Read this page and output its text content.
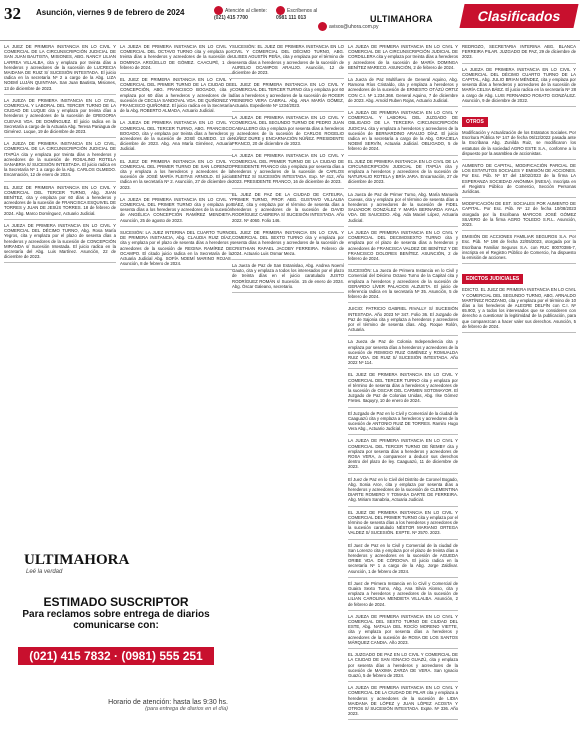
32 Asunción, viernes 9 de febrero de 2024	Atención al cliente:
(021) 415 7700
Escríbenos al
0981 111 013
avisos@uhora.com.py
ULTIMAHORA	Clasificados
LA JUEZ DE PRIMERA INSTANCIA EN LO CIVIL Y COMERCIAL DE LA CIRCUNSCRIPCIÓN JUDICIAL DE SAN JUAN BAUTISTA, MISIONES, ABG. NANCY LILIAN LARREA VILLALBA, cita y emplaza por treinta días a herederos y acreedores de la sucesión de LUCRECIA MAIDANA DE RUIZ S/ SUCESIÓN INTESTADA. El juicio radica en la secretaría Nº 2 a cargo de la Abg. LIZA NOEMÍ LUJÁN QUINTANA. San Juan Bautista, Misiones, 13 de diciembre de 2023.
LA JUEZA DE PRIMERA INSTANCIA EN LO CIVIL, COMERCIAL Y LABORAL DEL TERCER TURNO DE LA CIUDAD DE LUQUE cita y emplaza por treinta días a herederos y acreedores de la sucesión de GREGORIA CUEVAS VDA. DE DOMÍNGUEZ. El juicio radica en la Secretaría a cargo de la Actuaria Abg. Teresa Paniagua de Giménez. Luque, 19 de diciembre de 2023.
LA JUEZA DE PRIMERA INSTANCIA EN LO CIVIL, COMERCIAL DE LA CIRCUNSCRIPCIÓN JUDICIAL DE ITAPÚA cita y emplaza por treinta días a herederos y acreedores de la sucesión de ROSALINO ROTELA SANABRIA S/ SUCESIÓN INTESTADA. El juicio radica en la Secretaría Nº 1 a cargo de la Abg. CARLOS OLMEDO. Encarnación, 12 de enero de 2024.
EL JUEZ DE PRIMERA INSTANCIA EN LO CIVIL Y COMERCIAL DEL TERCER TURNO, Abg. JUAN BENÍTEZ, cita y emplaza por 60 días a herederos y acreedores de la sucesión de FRANCISCA ESQUIVEL DE TORRES y JUAN DE JESÚS TORRES. 18 de febrero de 2024. Abg. Marco Domínguez, Actuario Judicial.
LA JUEZA DE PRIMERA INSTANCIA EN LO CIVIL Y COMERCIAL DEL DÉCIMO TURNO, Abg. Rosa María Yegros, cita y emplaza por el plazo de sesenta días a herederos y acreedores de la sucesión de CONCEPCIÓN MIRANDA s/ Sucesión Intestada. El juicio radica en la secretaría del Abg. Luis Martínez. Asunción, 22 de diciembre de 2023.
LA JUEZA DE PRIMERA INSTANCIA EN LO CIVIL Y COMERCIAL DEL OCTAVO TURNO cita y emplaza por treinta días a herederos y acreedores de la sucesión de DOMINGA ARGÜELLO DE GÓMEZ. CAACUPÉ, 1 de febrero de 2024.
EL JUEZ DE PRIMERA INSTANCIA EN LO CIVIL Y COMERCIAL DEL PRIMER TURNO DE LA CIUDAD DE CONCEPCIÓN, ABG. FRANCISCO BOGADO, cita y emplaza por 60 días a herederos y acreedores de la sucesión de CECILIA SANDOVAL VDA. DE QUIÑONEZ Y FRANCISCO QUIÑONEZ. El juicio radica en la Secretaría de la Abg. ROBERTO ALMADA, Actuario Judicial.
LA JUEZA DE PRIMERA INSTANCIA EN LO CIVIL Y COMERCIAL DEL TERCER TURNO, ABG. FRANCISCO BOGADO, cita y emplaza por treinta días a herederos y acreedores de la sucesión de JOSÉ OLMEDO. 13 de diciembre de 2023. Abg. Ana María Giménez, Actuaria Judicial.
EL JUEZ DE PRIMERA INSTANCIA EN LO CIVIL Y COMERCIAL DEL PRIMER TURNO DE SAN LORENZO cita y emplaza a los herederos y acreedores de la sucesión de JOSÉ MARÍA FLEITAS ARNOLD. El juicio radica en la secretaría Nº 2. Asunción, 27 de diciembre de 2023.
LA JUEZA DE PRIMERA INSTANCIA EN LO CIVIL Y COMERCIAL DEL PRIMER TURNO cita y emplaza por sesenta días a los herederos y acreedores de la sucesión de ANGÉLICA CONCEPCIÓN RAMÍREZ MENDIETA. Asunción, 25 de agosto de 2023.
SUCESIÓN: LA JUEZ INTERINA DEL CUARTO TURNO DE PRIMERA INSTANCIA, Abg. CLAUDIA RUIZ DÍAZ, cita y emplaza por el plazo de sesenta días a herederos y acreedores de la sucesión de REGINA RAMÍREZ DE OCAMPO. El citado juicio radica en la Secretaría de la Actuaria Judicial Abg. SOFÍA NOEMÍ MARINO ROJAS. Asunción, 8 de febrero de 2024.
SUCESIÓN: EL JUEZ DE PRIMERA INSTANCIA EN LO CIVIL Y COMERCIAL DEL DÉCIMO TURNO, ABG. ULISES AGUSTÍN PEÑA, cita y emplaza por el término de sesenta días a herederos y acreedores de la sucesión de AURELIO OCAMPOS ARAUJO. Asunción, 12 de diciembre de 2023.
EL JUEZ DE PRIMERA INSTANCIA EN LO CIVIL Y COMERCIAL DEL TERCER TURNO cita y emplaza por 60 días a herederos y acreedores de la sucesión de ROGER REINERIO VERA CABRAL. Abg. ANA MARÍA GÓMEZ, Actuaria. Expediente Nº 1234/2023.
LA JUEZA DE PRIMERA INSTANCIA EN LO CIVIL Y COMERCIAL DEL SEGUNDO TURNO DE PEDRO JUAN CABALLERO cita y emplaza por sesenta días a herederos y acreedores de la sucesión de CARLOS ROGELIO NÚÑEZ DURE y ENCARNACIÓN NÚÑEZ. PRESIDENTE FRANCO, 20 de diciembre de 2023.
LA JUEZA DE PRIMERA INSTANCIA EN LO CIVIL Y COMERCIAL DEL PRIMER TURNO DE LA CIUDAD DE PRESIDENTE FRANCO cita y emplaza por sesenta días a herederos y acreedores de la sucesión de CARLOS BENÍTEZ S/ SUCESIÓN INTESTADA. Exp. Nº 412, Año 2023. PRESIDENTE FRANCO, 16 de diciembre de 2023.
EL JUEZ DE PAZ DE LA CIUDAD DE CATEURA, PRIMER TURNO, PROF. ABG. GUSTAVO VILLALBA BÁEZ, cita y emplaza por el término de sesenta días a herederos y acreedores de la sucesión de DAVID RODRÍGUEZ CABRERA S/ SUCESIÓN INTESTADA. Año 2022. Nº 4060. Folio 146.
EL JUEZ DE PRIMERA INSTANCIA EN LO CIVIL Y COMERCIAL DEL SEXTO TURNO cita y emplaza por sesenta días a herederos y acreedores de la sucesión de CRISTHIAN RAFAEL JACOBY FERREIRA. Febrero de 2024. Actuario Luis Osmar Meza.
La Jueza de Paz de San Estanislao, Abg. Andrea Noemí Gauto, cita y emplaza a todos los interesados por el plazo de treinta días en el juicio caratulado JUSTO RODRÍGUEZ ROMÁN s/ Sucesión. 15 de enero de 2024. Abg. Óscar Galeano, secretario.
LA JUEZA DE PRIMERA INSTANCIA EN LO CIVIL Y COMERCIAL DE LA CIRCUNSCRIPCIÓN JUDICIAL DE CORDILLERA cita y emplaza por treinta días a herederos y acreedores de la sucesión de MARÍA DOMINGA BENÍTEZ MARECO. ASUNCIÓN, 2 de febrero de 2024.
La Jueza de Paz Multifuero de General Aquino, Abg. Ramona Ríos Cristaldo, cita y emplaza a herederos y acreedores de la sucesión de ERNESTO OTÁZÚ ORTIZ CON C.I. Nº 1.234.368. General Aquino, 7 de diciembre de 2023. Abg. Arnold Ruben Rojas, Actuario Judicial.
LA JUEZA DE PRIMERA INSTANCIA EN LO CIVIL Y COMERCIAL Y LABORAL DEL JUZGADO DE OBLIGADO DE LA TERCERA CIRCUNSCRIPCIÓN JUDICIAL cita y emplaza a herederos y acreedores de la sucesión de BERNARDINO ARAUJO DÍAZ. El juicio radica en la secretaría a cargo de la Abg. GRACIELA NOEMÍ SERVÍN, Actuaria Judicial. OBLIGADO, 5 de febrero de 2024.
EL JUEZ DE PRIMERA INSTANCIA EN LO CIVIL DE LA CIRCUNSCRIPCIÓN JUDICIAL DE ITAPÚA cita y emplaza a herederos y acreedores de la sucesión de NATURALIO ROTELA y BRÍA JARA. Encarnación, 27 de diciembre de 2023.
La Jueza de Paz de Primer Turno, Abg. María Manuela Cuevas, cita y emplaza por el término de sesenta días a herederos y acreedores de la sucesión de FIDEL SALVADOR GONZÁLEZ Y MARÍA BERNARDA AYALA VDA. DE SAUCEDO. Abg. Ada Maciel López, Actuaria Judicial.
LA JUEZA DE PRIMERA INSTANCIA EN LO CIVIL Y COMERCIAL DEL DECIMOSEXTO TURNO cita y emplaza por el plazo de sesenta días a herederos y acreedores de FRANCISCA VALDEZ DE BENÍTEZ Y DE FRANCISCO DOLORES BENÍTEZ. ASUNCIÓN, 2 de febrero de 2024.
SUCESIÓN: La Jueza de Primera Instancia en lo Civil y Comercial del Décimo Octavo Turno de la Capital cita y emplaza a herederos y acreedores de la sucesión de GERARDO LÍVER PALACIOS ALZUETA. El juicio de referencia radica en la secretaría Nº 35. Asunción, 5 de febrero de 2024.
JUICIO: PATRICIO GABRIEL RIVALLY S/ SUCESIÓN INTESTADA. Año 2023 Nº 347. Folio 36. El Juzgado de Paz de Sajonia cita y emplaza a herederos y acreedores por el término de sesenta días. Abg. Roque Rolón, Actuaria.
La Jueza de Paz de Colonia Independencia cita y emplaza por sesenta días a herederos y acreedores de la sucesión de REMIGIO RUIZ GIMÉNEZ y ROMUALDA RUIZ VDA. DE RUIZ S/ SUCESIÓN INTESTADA. Año 2022 Nº 114.
EL JUEZ DE PRIMERA INSTANCIA EN LO CIVIL Y COMERCIAL DEL TERCER TURNO cita y emplaza por el término de sesenta días a herederos y acreedores de la sucesión de OSCAR DEL CARMEN SOTOMAYOR. El Juzgado de Paz de Colonias Unidas, Abg. Ilse Gómez Fretes. Itaquyry, 10 de enero de 2024.
El Juzgado de Paz en lo Civil y Comercial de la ciudad de Caaguazú cita y emplaza a herederos y acreedores de la sucesión de ANTONIO RUIZ DE TORRES. Ramiro Hugo Vera Abg., Actuario Judicial.
LA JUEZA DE PRIMERA INSTANCIA EN LO CIVIL Y COMERCIAL DEL TERCER TURNO DE ÑEMBY cita y emplaza por sesenta días a herederos y acreedores de ROSA VERA, a comparecer a deducir sus derechos dentro del plazo de ley. Caaguazú, 11 de diciembre de 2023.
El Juez de Paz en lo Civil del Distrito de Coronel Bogado, Abg. Sonia Arce, cita y emplaza por sesenta días a herederos y acreedores de la sucesión de CLEMENTINA DIARTE ROMERO Y TOMASA DARTE DE FERREIRA. Abg. Miriam Sanabria, Actuaria Judicial.
EL JUEZ DE PRIMERA INSTANCIA EN LO CIVIL Y COMERCIAL DEL PRIMER TURNO cita y emplaza por el término de sesenta días a los herederos y acreedores de la sucesión caratulado NÉSTOR MARIANO ORTEGA VALDEZ S/ SUCESIÓN. EXPTE. Nº 2570. 2023.
El Juez de Paz en lo Civil y Comercial de la ciudad de San Lorenzo cita y emplaza por el plazo de treinta días a herederos y acreedores en la sucesión de AGUEDA ORIBE VDA. DE CÓRDOVA. El juicio radica en la secretaría Nº 1 a cargo de la Abg. Jorge Zaldívar. Asunción, 1 de febrero de 2024.
El Juez de Primera Instancia en lo Civil y Comercial de Guaira Sexto Turno, Abg. Ana Silvia Alonso, cita y emplaza a herederos y acreedores de la sucesión de LILIAN CAROLINA MENDIETA VILLALBA. Asunción, 2 de febrero de 2024.
LA JUEZA DE PRIMERA INSTANCIA EN LO CIVIL Y COMERCIAL DEL SEXTO TURNO DE CIUDAD DEL ESTE, Abg. NATALIA DEL ROCÍO MORENO VIETTE, cita y emplaza por sesenta días a herederos y acreedores de la sucesión de ROSA DE LOS SANTOS MÁRQUEZ CANDIA. Año 2023.
EL JUZGADO DE PAZ EN LO CIVIL Y COMERCIAL DE LA CIUDAD DE SAN IGNACIO GUAZÚ, cita y emplaza por sesenta días a herederos y acreedores de la sucesión de MAXIMA ZARZA DE VERA. San Ignacio Guazú, 5 de febrero de 2024.
LA JUEZA DE PRIMERA INSTANCIA EN LO CIVIL Y COMERCIAL DE LA CIUDAD DE PILAR cita y emplaza a herederos y acreedores de la sucesión de LIDIA MAIDANA DE LÓPEZ y JUAN LÓPEZ ACOSTA Y OTROS S/ SUCESIÓN INTESTADA. Expte. Nº 336. Año 2023.
REDROZO, SECRETARIA INTERINA ABG. BLANCA FERREIRA PILAR. JUZGADO DE PAZ, 29 de diciembre de 2023.
LA JUEZA DE PRIMERA INSTANCIA EN LO CIVIL Y COMERCIAL DEL DÉCIMO CUARTO TURNO DE LA CAPITAL, Abg. JULIO BRIAN MÉNDEZ, cita y emplaza por sesenta días a herederos y acreedores de la sucesión de MARÍA CELSA BÁEZ. El juicio radica en la secretaría Nº 28 a cargo de Abg. LUIS FERNANDO ROSATO GONZÁLEZ. Asunción, 9 de diciembre de 2022.
OTROS
Modificación y Actualización de los Estatutos Sociales. Por Escritura Pública Nº 147 de fecha 06/12/2022 pasada ante la Escribana Abg. Zunilda Ruiz, se modificaron los estatutos de la sociedad AGRO ESTE S.A., conforme a lo dispuesto por la asamblea de accionistas.
AUMENTO DE CAPITAL, MODIFICACIÓN PARCIAL DE LOS ESTATUTOS SOCIALES Y EMISIÓN DE ACCIONES. Por Esc. Púb. Nº 57 del 15/02/2023 de la firma LA ESPERANZA SOCIEDAD ANÓNIMA (INESA). Inscripta en el Registro Público de Comercio, Sección Personas Jurídicas.
MODIFICACIÓN DE EST. SOCIALES POR AUMENTO DE CAPITAL. Por Esc. Púb. Nº 12 de fecha 10/08/2023 otorgada por la Escribana MARCOS JOSÉ GÓMEZ SILVERO de la firma AGRO TOLEDO S.R.L. Asunción, 2023.
EMISIÓN DE ACCIONES FAMILIAR SEGUROS S.A. Por Esc. Púb. Nº 198 de fecha 22/05/2023, otorgada por la Escribana Familiar Seguros S.A. con RUC 80070386-7, inscripta en el Registro Público de Comercio, ha dispuesto la emisión de acciones.
EDICTOS JUDICIALES
EDICTO. EL JUEZ DE PRIMERA INSTANCIA EN LO CIVIL Y COMERCIAL DEL SEGUNDO TURNO, ABG. ARNALDO MARTÍNEZ ROZZANO, cita y emplaza por el término de 10 días a los herederos de ALEGRE DELFÍN con C.I. Nº 65.902, y a todos los interesados que se consideren con derecho a cuestionar la legitimidad de la publicación, para que comparezcan a hacer valer sus derechos. Asunción, 5 de febrero de 2024.
ULTIMAHORA
Leé la verdad
ESTIMADO SUSCRIPTOR
Para reclamos sobre entrega de diarios comunicarse con:
(021) 415 7832 · (0981) 555 251
Horario de atención: hasta las 9:30 hs.
(para entrega de diarios en el día)
